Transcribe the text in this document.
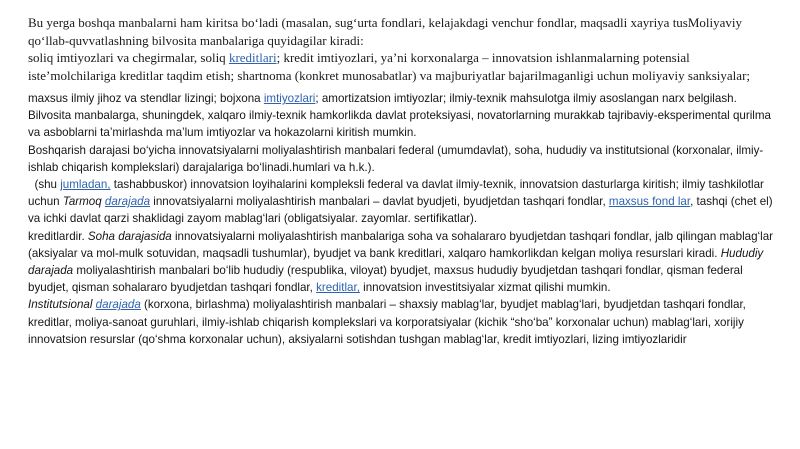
Bu yerga boshqa manbalarni ham kiritsa bo‘ladi (masalan, sug‘urta fondlari, kelajakdagi venchur fondlar, maqsadli xayriya tusMoliyaviy qo‘llab-quvvatlashning bilvosita manbalariga quyidagilar kiradi:

soliq imtiyozlari va chegirmalar, soliq kreditlari; kredit imtiyozlari, ya’ni korxonalarga – innovatsion ishlanmalarning potensial iste’molchilariga kreditlar taqdim etish; shartnoma (konkret munosabatlar) va majburiyatlar bajarilmaganligi uchun moliyaviy sanksiyalar;

maxsus ilmiy jihoz va stendlar lizingi; bojxona imtiyozlari; amortizatsion imtiyozlar; ilmiy-texnik mahsulotga ilmiy asoslangan narx belgilash. Bilvosita manbalarga, shuningdek, xalqaro ilmiy-texnik hamkorlikda davlat proteksiyasi, novatorlarning murakkab tajribaviy-eksperimental qurilma va asboblarni ta’mirlashda ma’lum imtiyozlar va hokazolarni kiritish mumkin.

Boshqarish darajasi bo‘yicha innovatsiyalarni moliyalashtirish manbalari federal (umumdavlat), soha, hududiy va institutsional (korxonalar, ilmiy-ishlab chiqarish komplekslari) darajalariga bo‘linadi.humlari va h.k.).

(shu jumladan, tashabbuskor) innovatsion loyihalarini kompleksli federal va davlat ilmiy-texnik, innovatsion dasturlarga kiritish; ilmiy tashkilotlar uchun Tarmoq darajada innovatsiyalarni moliyalashtirish manbalari – davlat byudjeti, byudjetdan tashqari fondlar, maxsus fond lar, tashqi (chet el) va ichki davlat qarzi shaklidagi zayom mablag‘lari (obligatsiyalar. zayomlar. sertifikatlar).

kreditlardir. Soha darajasida innovatsiyalarni moliyalashtirish manbalariga soha va sohalararo byudjetdan tashqari fondlar, jalb qilingan mablag‘lar (aksiyalar va mol-mulk sotuvidan, maqsadli tushumlar), byudjet va bank kreditlari, xalqaro hamkorlikdan kelgan moliya resurslari kiradi. Hududiy darajada moliyalashtirish manbalari bo‘lib hududiy (respublika, viloyat) byudjet, maxsus hududiy byudjetdan tashqari fondlar, qisman federal byudjet, qisman sohalararo byudjetdan tashqari fondlar, kreditlar, innovatsion investitsiyalar xizmat qilishi mumkin.

Institutsional darajada (korxona, birlashma) moliyalashtirish manbalari – shaxsiy mablag‘lar, byudjet mablag‘lari, byudjetdan tashqari fondlar, kreditlar, moliya-sanoat guruhlari, ilmiy-ishlab chiqarish komplekslari va korporatsiyalar (kichik “sho‘ba” korxonalar uchun) mablag‘lari, xorijiy innovatsion resurslar (qo‘shma korxonalar uchun), aksiyalarni sotishdan tushgan mablag‘lar, kredit imtiyozlari, lizing imtiyozlaridir
